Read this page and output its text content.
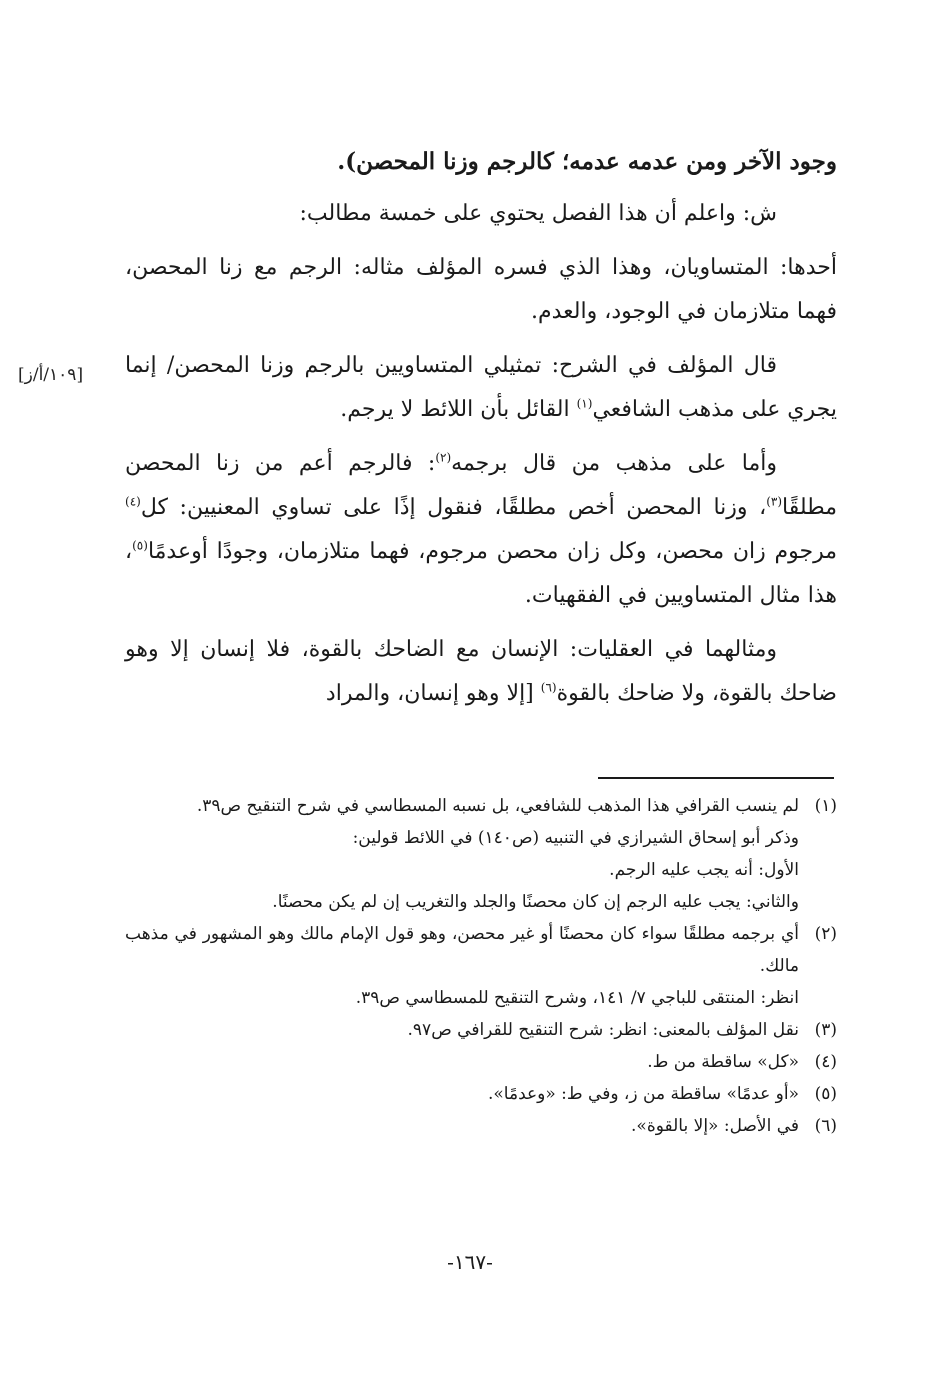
وجود الآخر ومن عدمه عدمه؛ كالرجم وزنا المحصن).

ش: واعلم أن هذا الفصل يحتوي على خمسة مطالب:

أحدها: المتساويان، وهذا الذي فسره المؤلف مثاله: الرجم مع زنا المحصن، فهما متلازمان في الوجود، والعدم.

قال المؤلف في الشرح: تمثيلي المتساويين بالرجم وزنا المحصن/ إنما يجري على مذهب الشافعي$^{(١)}$ القائل بأن اللائط لا يرجم.

وأما على مذهب من قال برجمه$^{(٢)}$: فالرجم أعم من زنا المحصن مطلقًا$^{(٣)}$، وزنا المحصن أخص مطلقًا، فنقول إذًا على تساوي المعنيين: كل$^{(٤)}$ مرجوم زان محصن، وكل زان محصن مرجوم، فهما متلازمان، وجودًا أوعدمًا$^{(٥)}$، هذا مثال المتساويين في الفقهيات.

ومثالهما في العقليات: الإنسان مع الضاحك بالقوة، فلا إنسان إلا وهو ضاحك بالقوة، ولا ضاحك بالقوة$^{(٦)}$ [إلا وهو إنسان، والمراد

[١٠٩/أ/ز]
(١)
لم ينسب القرافي هذا المذهب للشافعي، بل نسبه المسطاسي في شرح التنقيح ص٣٩.
وذكر أبو إسحاق الشيرازي في التنبيه (ص١٤٠) في اللائط قولين:
الأول: أنه يجب عليه الرجم.
والثاني: يجب عليه الرجم إن كان محصنًا والجلد والتغريب إن لم يكن محصنًا.
(٢)
أي برجمه مطلقًا سواء كان محصنًا أو غير محصن، وهو قول الإمام مالك وهو المشهور في مذهب مالك.
انظر: المنتقى للباجي ٧/ ١٤١، وشرح التنقيح للمسطاسي ص٣٩.
(٣)
نقل المؤلف بالمعنى: انظر: شرح التنقيح للقرافي ص٩٧.
(٤)
«كل» ساقطة من ط.
(٥)
«أو عدمًا» ساقطة من ز، وفي ط: «وعدمًا».
(٦)
في الأصل: «إلا بالقوة».
-١٦٧-
